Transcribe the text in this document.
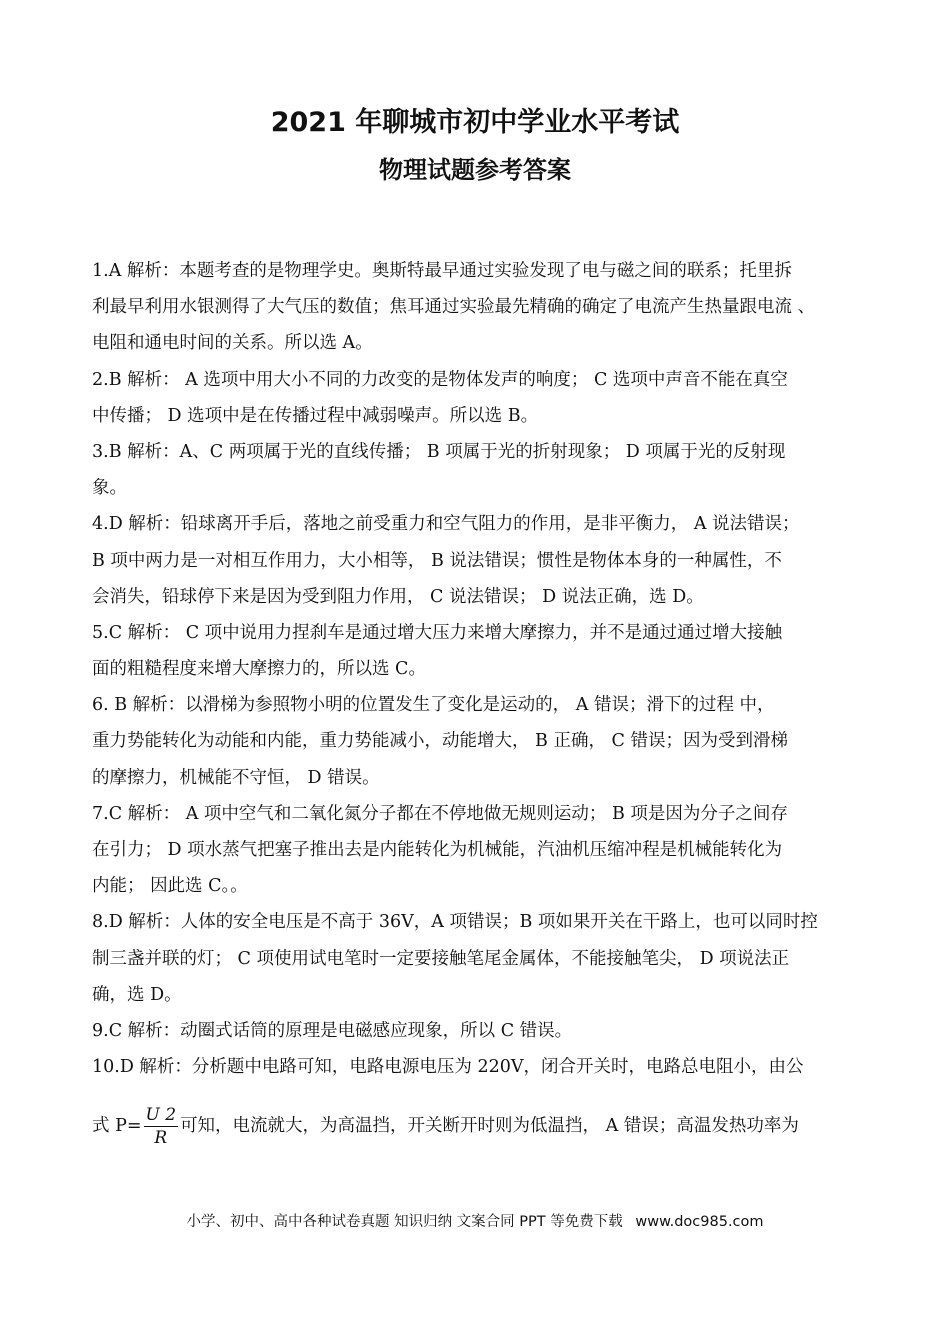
2021 年聊城市初中学业水平考试
物理试题参考答案
1.A 解析：本题考查的是物理学史。奥斯特最早通过实验发现了电与磁之间的联系；托里拆
利最早利用水银测得了大气压的数值；焦耳通过实验最先精确的确定了电流产生热量跟电流 、
电阻和通电时间的关系。所以选 A。
2.B 解析： A 选项中用大小不同的力改变的是物体发声的响度； C 选项中声音不能在真空
中传播； D 选项中是在传播过程中减弱噪声。所以选 B。
3.B 解析：A、C 两项属于光的直线传播； B 项属于光的折射现象； D 项属于光的反射现
象。
4.D 解析：铅球离开手后，落地之前受重力和空气阻力的作用，是非平衡力， A 说法错误；
B 项中两力是一对相互作用力，大小相等， B 说法错误；惯性是物体本身的一种属性，不
会消失，铅球停下来是因为受到阻力作用， C 说法错误； D 说法正确，选 D。
5.C 解析： C 项中说用力捏刹车是通过增大压力来增大摩擦力，并不是通过通过增大接触
面的粗糙程度来增大摩擦力的，所以选 C。
6. B 解析：以滑梯为参照物小明的位置发生了变化是运动的， A 错误；滑下的过程 中，
重力势能转化为动能和内能，重力势能减小，动能增大， B 正确， C 错误；因为受到滑梯
的摩擦力，机械能不守恒， D 错误。
7.C 解析： A 项中空气和二氧化氮分子都在不停地做无规则运动； B 项是因为分子之间存
在引力； D 项水蒸气把塞子推出去是内能转化为机械能，汽油机压缩冲程是机械能转化为
内能； 因此选 C。。
8.D 解析：人体的安全电压是不高于 36V，A 项错误；B 项如果开关在干路上，也可以同时控
制三盏并联的灯； C 项使用试电笔时一定要接触笔尾金属体，不能接触笔尖， D 项说法正
确，选 D。
9.C 解析：动圈式话筒的原理是电磁感应现象，所以 C 错误。
10.D 解析：分析题中电路可知，电路电源电压为 220V，闭合开关时，电路总电阻小，由公
式 $P= \frac{U 2}{R}$ 可知，电流就大，为高温挡，开关断开时则为低温挡， A 错误；高温发热功率为
小学、初中、高中各种试卷真题 知识归纳 文案合同 PPT 等免费下载 www.doc985.com
